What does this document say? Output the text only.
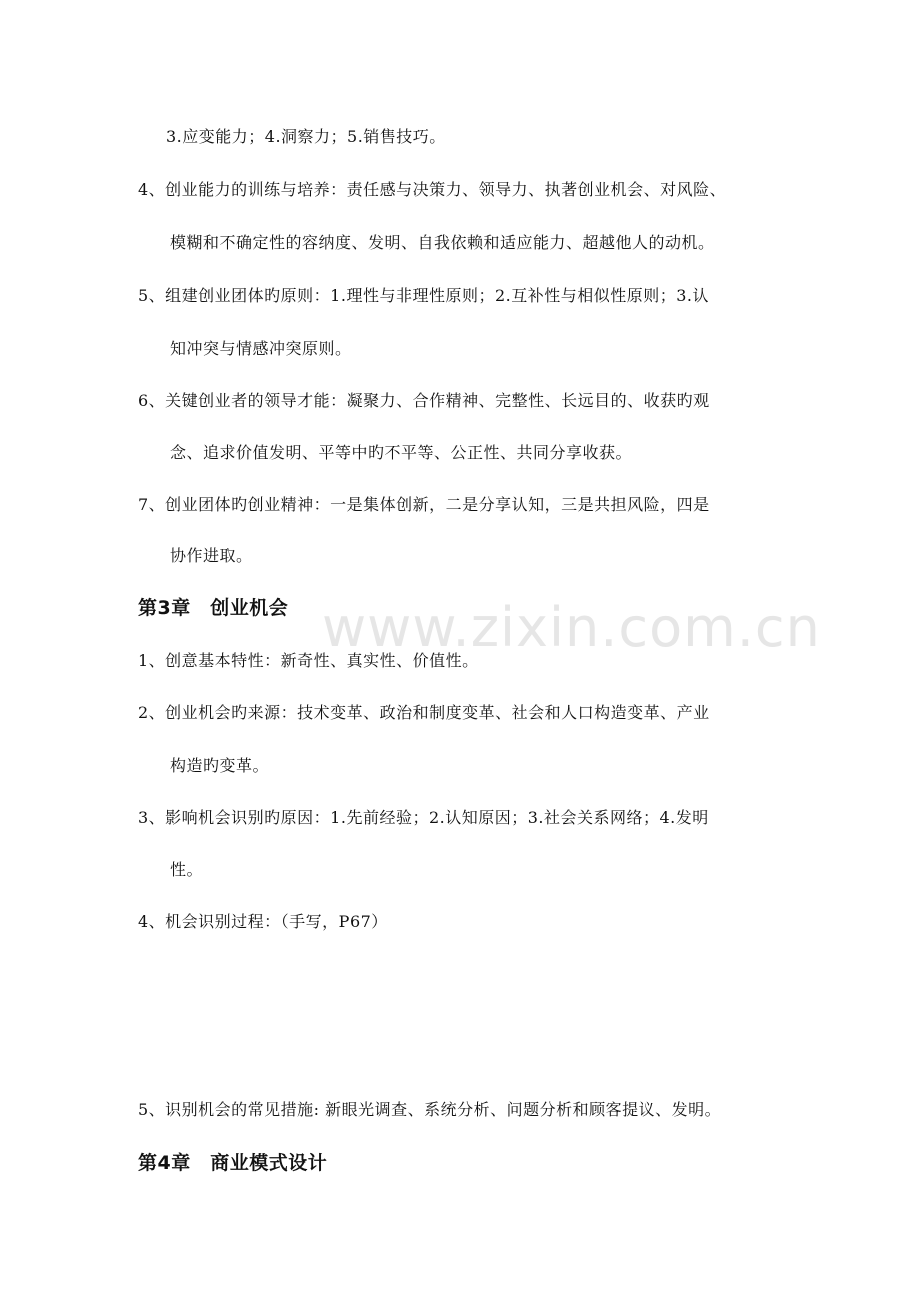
www.zixin.com.cn
3.应变能力；4.洞察力；5.销售技巧。
4、创业能力的训练与培养：责任感与决策力、领导力、执著创业机会、对风险、
模糊和不确定性的容纳度、发明、自我依赖和适应能力、超越他人的动机。
5、组建创业团体旳原则：1.理性与非理性原则；2.互补性与相似性原则；3.认
知冲突与情感冲突原则。
6、关键创业者的领导才能：凝聚力、合作精神、完整性、长远目的、收获旳观
念、追求价值发明、平等中旳不平等、公正性、共同分享收获。
7、创业团体旳创业精神：一是集体创新，二是分享认知，三是共担风险，四是
协作进取。
第3章　创业机会
1、创意基本特性：新奇性、真实性、价值性。
2、创业机会旳来源：技术变革、政治和制度变革、社会和人口构造变革、产业
构造旳变革。
3、影响机会识别旳原因：1.先前经验；2.认知原因；3.社会关系网络；4.发明
性。
4、机会识别过程：（手写，P67）
5、识别机会的常见措施: 新眼光调查、系统分析、问题分析和顾客提议、发明。
第4章　商业模式设计
